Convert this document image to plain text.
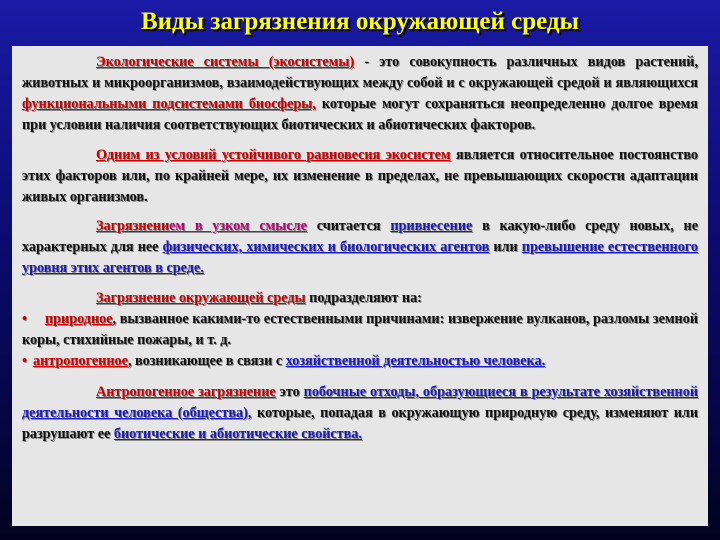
Виды загрязнения окружающей среды

Экологические системы (экосистемы) - это совокупность различных видов растений, животных и микроорганизмов, взаимодействующих между собой и с окружающей средой и являющихся функциональными подсистемами биосферы, которые могут сохраняться неопределенно долгое время при условии наличия соответствующих биотических и абиотических факторов.

Одним из условий устойчивого равновесия экосистем является относительное постоянство этих факторов или, по крайней мере, их изменение в пределах, не превышающих скорости адаптации живых организмов.

Загрязнением в узком смысле считается привнесение в какую-либо среду новых, не характерных для нее физических, химических и биологических агентов или превышение естественного уровня этих агентов в среде.

Загрязнение окружающей среды подразделяют на:

• природное, вызванное какими-то естественными причинами: извержение вулканов, разломы земной коры, стихийные пожары, и т. д.

• антропогенное, возникающее в связи с хозяйственной деятельностью человека.

Антропогенное загрязнение это побочные отходы, образующиеся в результате хозяйственной деятельности человека (общества), которые, попадая в окружающую природную среду, изменяют или разрушают ее биотические и абиотические свойства.
